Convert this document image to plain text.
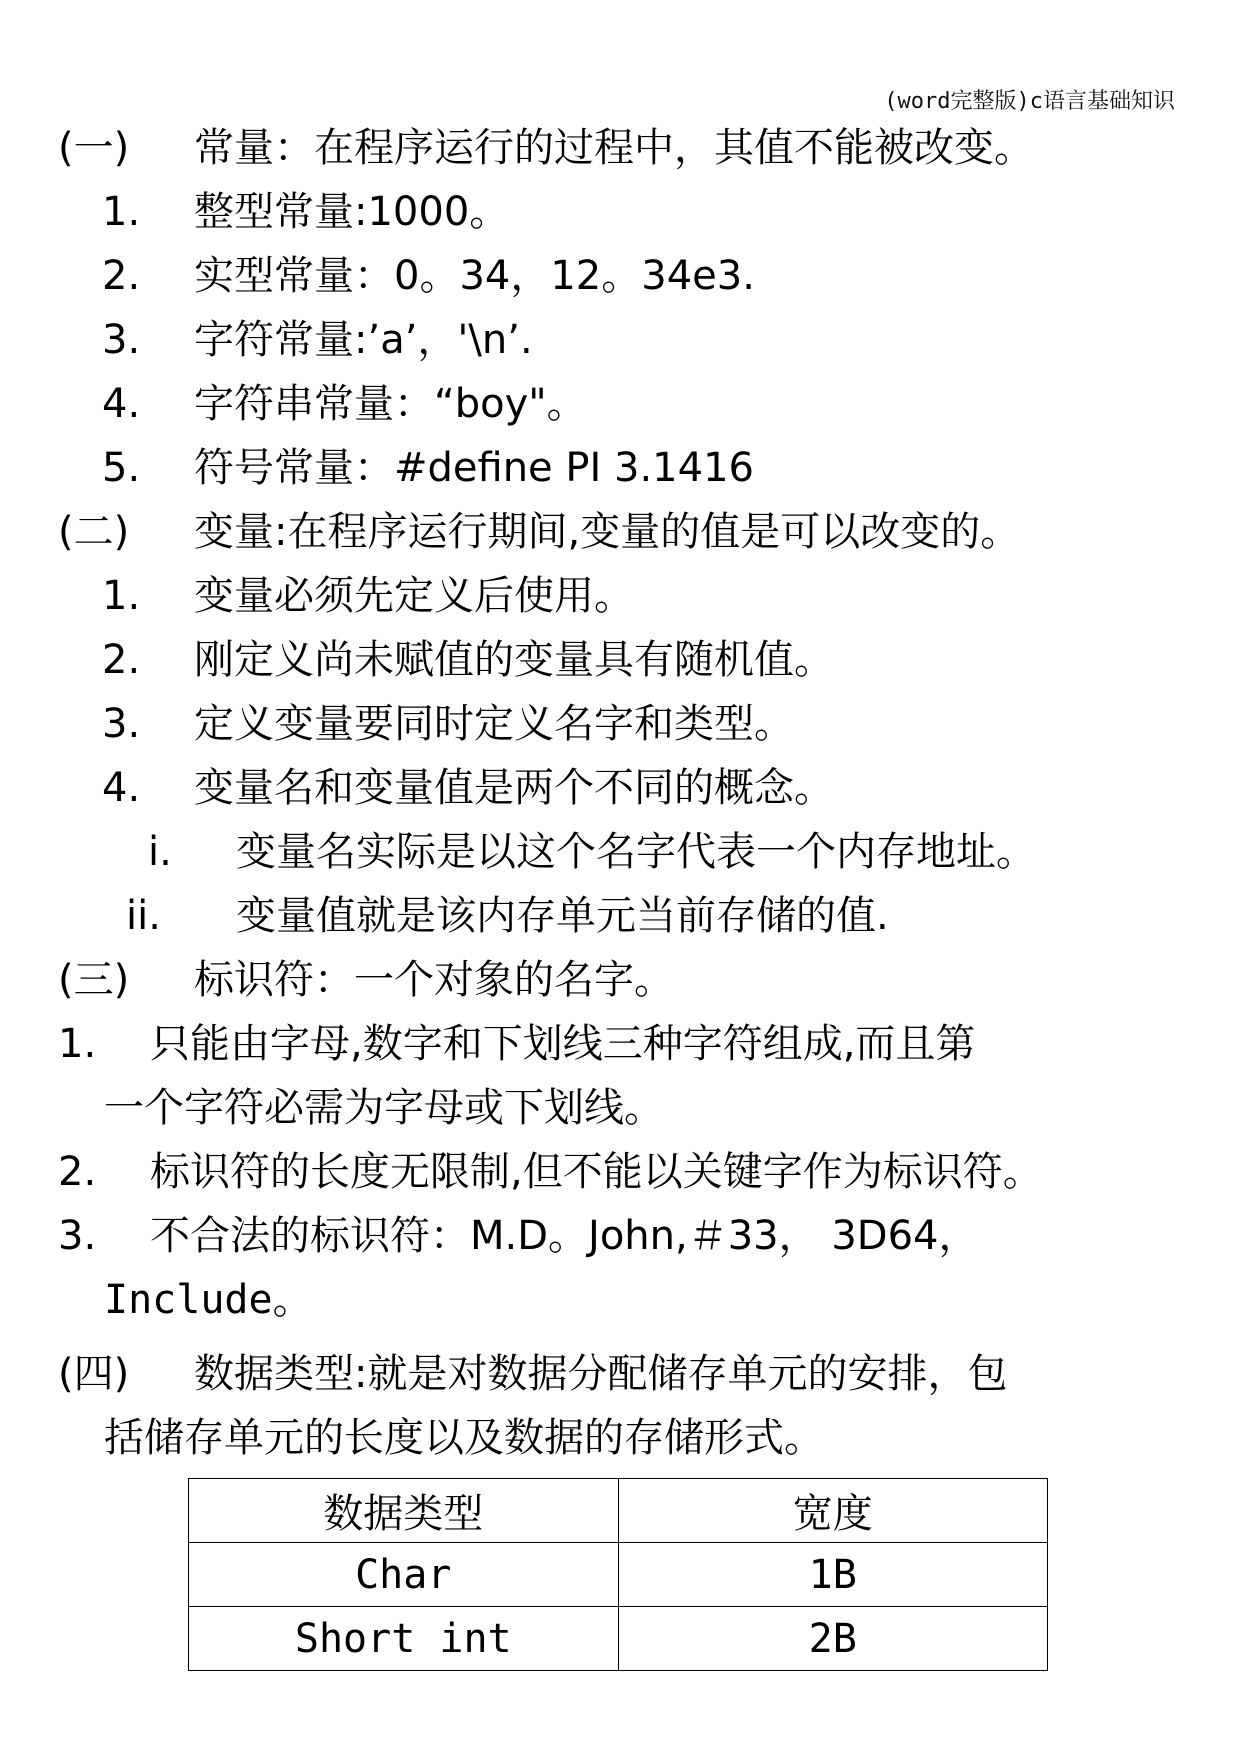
(word完整版)c语言基础知识
(一) 常量：在程序运行的过程中，其值不能被改变。
1. 整型常量:1000。
2. 实型常量：0。34，12。34e3.
3. 字符常量:’a’，'\n’.
4. 字符串常量：“boy"。
5. 符号常量：#define PI 3.1416
(二) 变量:在程序运行期间,变量的值是可以改变的。
1. 变量必须先定义后使用。
2. 刚定义尚未赋值的变量具有随机值。
3. 定义变量要同时定义名字和类型。
4. 变量名和变量值是两个不同的概念。
i. 变量名实际是以这个名字代表一个内存地址。
ii. 变量值就是该内存单元当前存储的值.
(三) 标识符：一个对象的名字。
1. 只能由字母,数字和下划线三种字符组成,而且第
一个字符必需为字母或下划线。
2. 标识符的长度无限制,但不能以关键字作为标识符。
3. 不合法的标识符：M.D。John,＃33， 3D64，
Include。
(四) 数据类型:就是对数据分配储存单元的安排，包
括储存单元的长度以及数据的存储形式。
数据类型	宽度
Char	1B
Short int	2B
